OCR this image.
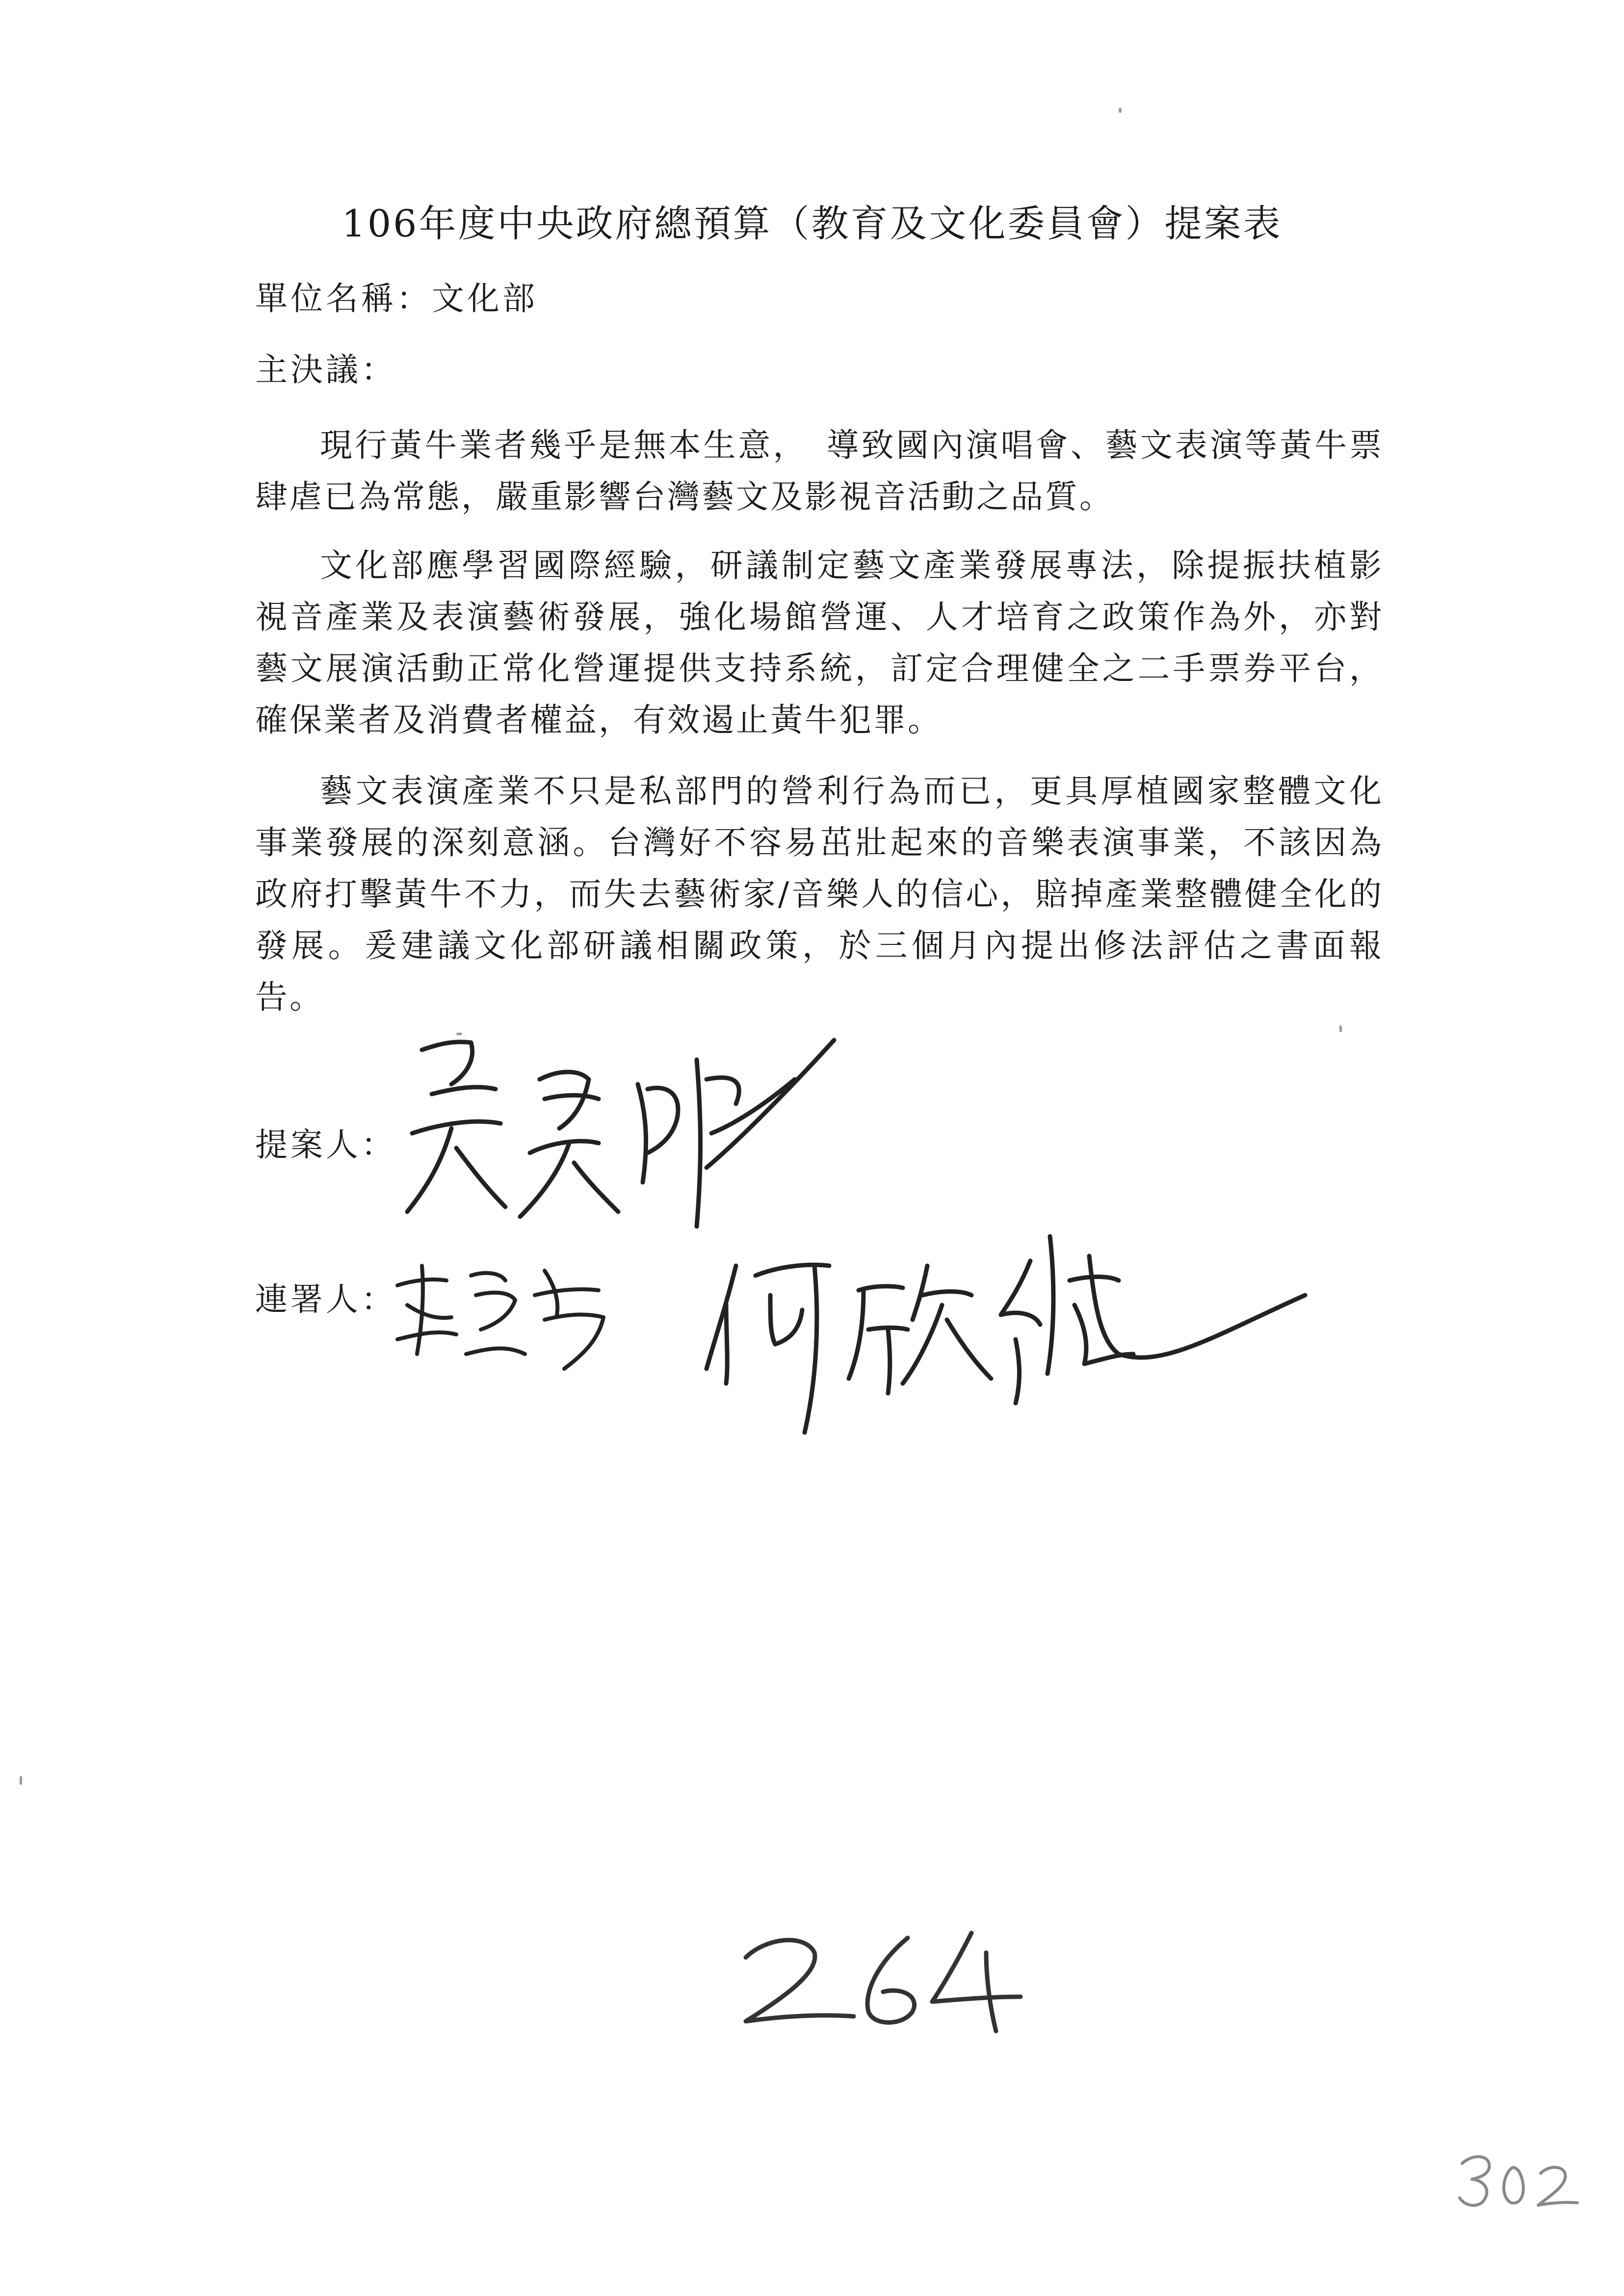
106年度中央政府總預算（教育及文化委員會）提案表
單位名稱：文化部
主決議：

現行黃牛業者幾乎是無本生意，　導致國內演唱會、藝文表演等黃牛票肆虐已為常態，嚴重影響台灣藝文及影視音活動之品質。

文化部應學習國際經驗，研議制定藝文產業發展專法，除提振扶植影視音產業及表演藝術發展，強化場館營運、人才培育之政策作為外，亦對藝文展演活動正常化營運提供支持系統，訂定合理健全之二手票券平台，確保業者及消費者權益，有效遏止黃牛犯罪。

藝文表演產業不只是私部門的營利行為而已，更具厚植國家整體文化事業發展的深刻意涵。台灣好不容易茁壯起來的音樂表演事業，不該因為政府打擊黃牛不力，而失去藝術家/音樂人的信心，賠掉產業整體健全化的發展。爰建議文化部研議相關政策，於三個月內提出修法評估之書面報告。

提案人：
連署人：
